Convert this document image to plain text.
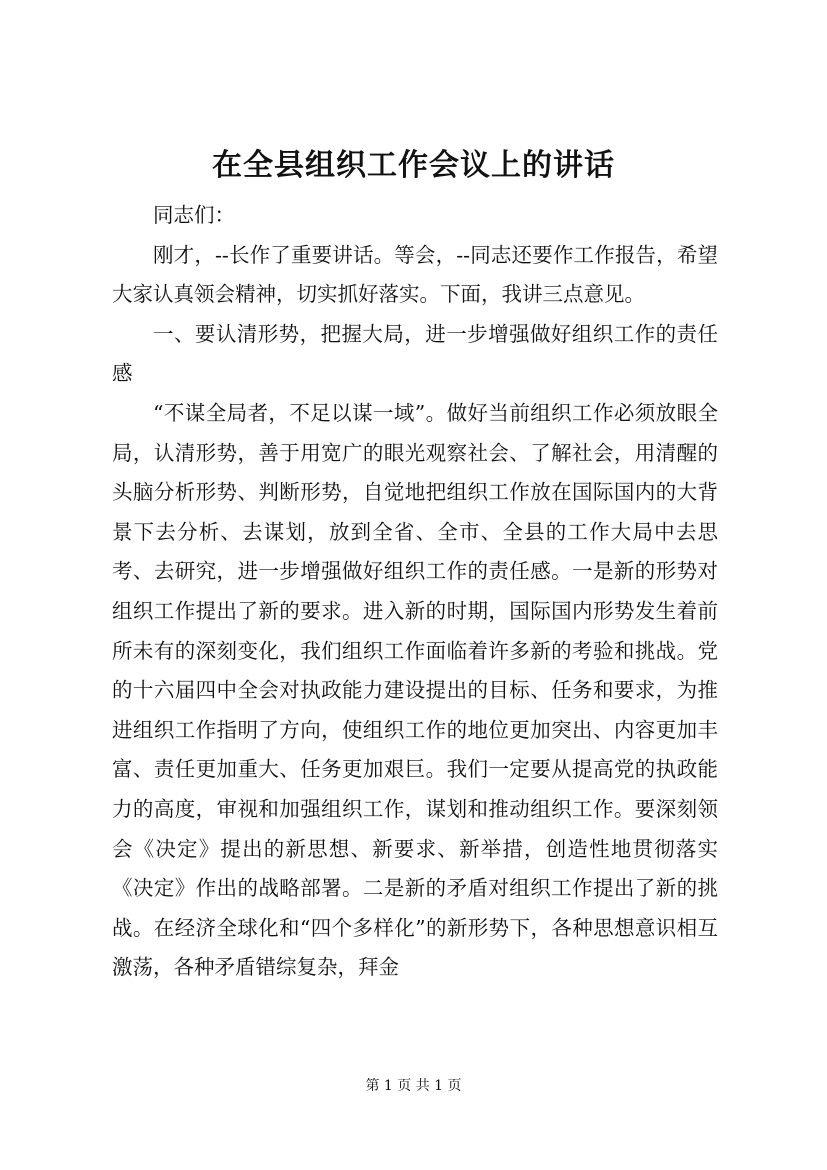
在全县组织工作会议上的讲话

同志们：

刚才，--长作了重要讲话。等会，--同志还要作工作报告，希望大家认真领会精神，切实抓好落实。下面，我讲三点意见。

一、要认清形势，把握大局，进一步增强做好组织工作的责任感

“不谋全局者，不足以谋一域”。做好当前组织工作必须放眼全局，认清形势，善于用宽广的眼光观察社会、了解社会，用清醒的头脑分析形势、判断形势，自觉地把组织工作放在国际国内的大背景下去分析、去谋划，放到全省、全市、全县的工作大局中去思考、去研究，进一步增强做好组织工作的责任感。一是新的形势对组织工作提出了新的要求。进入新的时期，国际国内形势发生着前所未有的深刻变化，我们组织工作面临着许多新的考验和挑战。党的十六届四中全会对执政能力建设提出的目标、任务和要求，为推进组织工作指明了方向，使组织工作的地位更加突出、内容更加丰富、责任更加重大、任务更加艰巨。我们一定要从提高党的执政能力的高度，审视和加强组织工作，谋划和推动组织工作。要深刻领会《决定》提出的新思想、新要求、新举措，创造性地贯彻落实《决定》作出的战略部署。二是新的矛盾对组织工作提出了新的挑战。在经济全球化和“四个多样化”的新形势下，各种思想意识相互激荡，各种矛盾错综复杂，拜金

第 1 页 共 1 页
